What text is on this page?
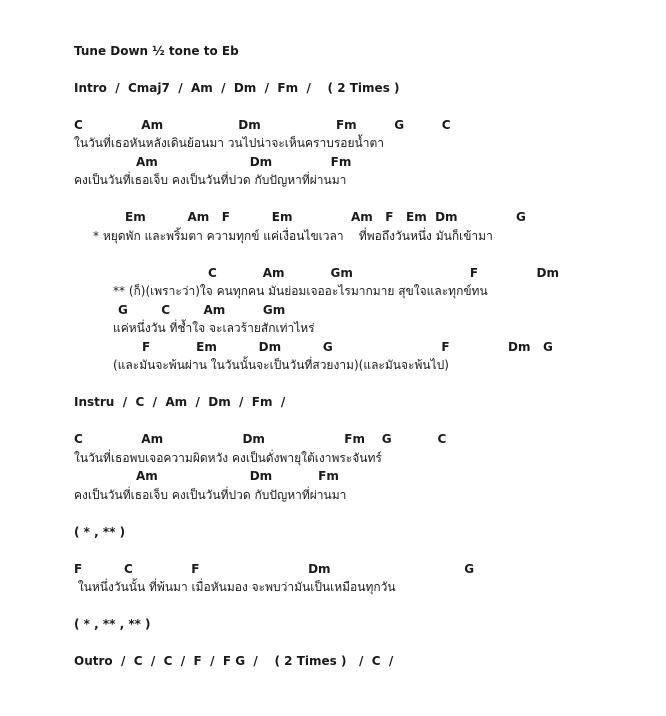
Tune Down ½ tone to Eb
Intro  /  Cmaj7  /  Am  /  Dm  /  Fm  /    ( 2 Times )
C              Am                  Dm                  Fm         G         C
ในวันที่เธอหันหลังเดินย้อนมา วนไปน่าจะเห็นคราบรอยน้ำตา
Am                      Dm              Fm
คงเป็นวันที่เธอเจ็บ คงเป็นวันที่ปวด กับปัญหาที่ผ่านมา
Em          Am   F          Em              Am   F   Em  Dm              G
* หยุดพัก และพริ้มตา ความทุกข์ แค่เงื่อนไขเวลา    ที่พอถึงวันหนึ่ง มันก็เข้ามา
C           Am           Gm                            F              Dm
** (ก็)(เพราะว่า)ใจ คนทุกคน มันย่อมเจออะไรมากมาย สุขใจและทุกข์ทน
G        C        Am         Gm
แค่หนึ่งวัน ที่ช้ำใจ จะเลวร้ายสักเท่าไหร่
F           Em          Dm          G                          F              Dm   G
(และมันจะพ้นผ่าน ในวันนั้นจะเป็นวันที่สวยงาม)(และมันจะพ้นไป)
Instru  /  C  /  Am  /  Dm  /  Fm  /
C              Am                   Dm                   Fm    G           C
ในวันที่เธอพบเจอความผิดหวัง คงเป็นดั่งพายุใต้เงาพระจันทร์
Am                      Dm           Fm
คงเป็นวันที่เธอเจ็บ คงเป็นวันที่ปวด กับปัญหาที่ผ่านมา
( * , ** )
F          C              F                          Dm                                G
ในหนึ่งวันนั้น ที่พ้นมา เมื่อหันมอง จะพบว่ามันเป็นเหมือนทุกวัน
( * , ** , ** )
Outro  /  C  /  C  /  F  /  F G  /    ( 2 Times )   /  C  /
